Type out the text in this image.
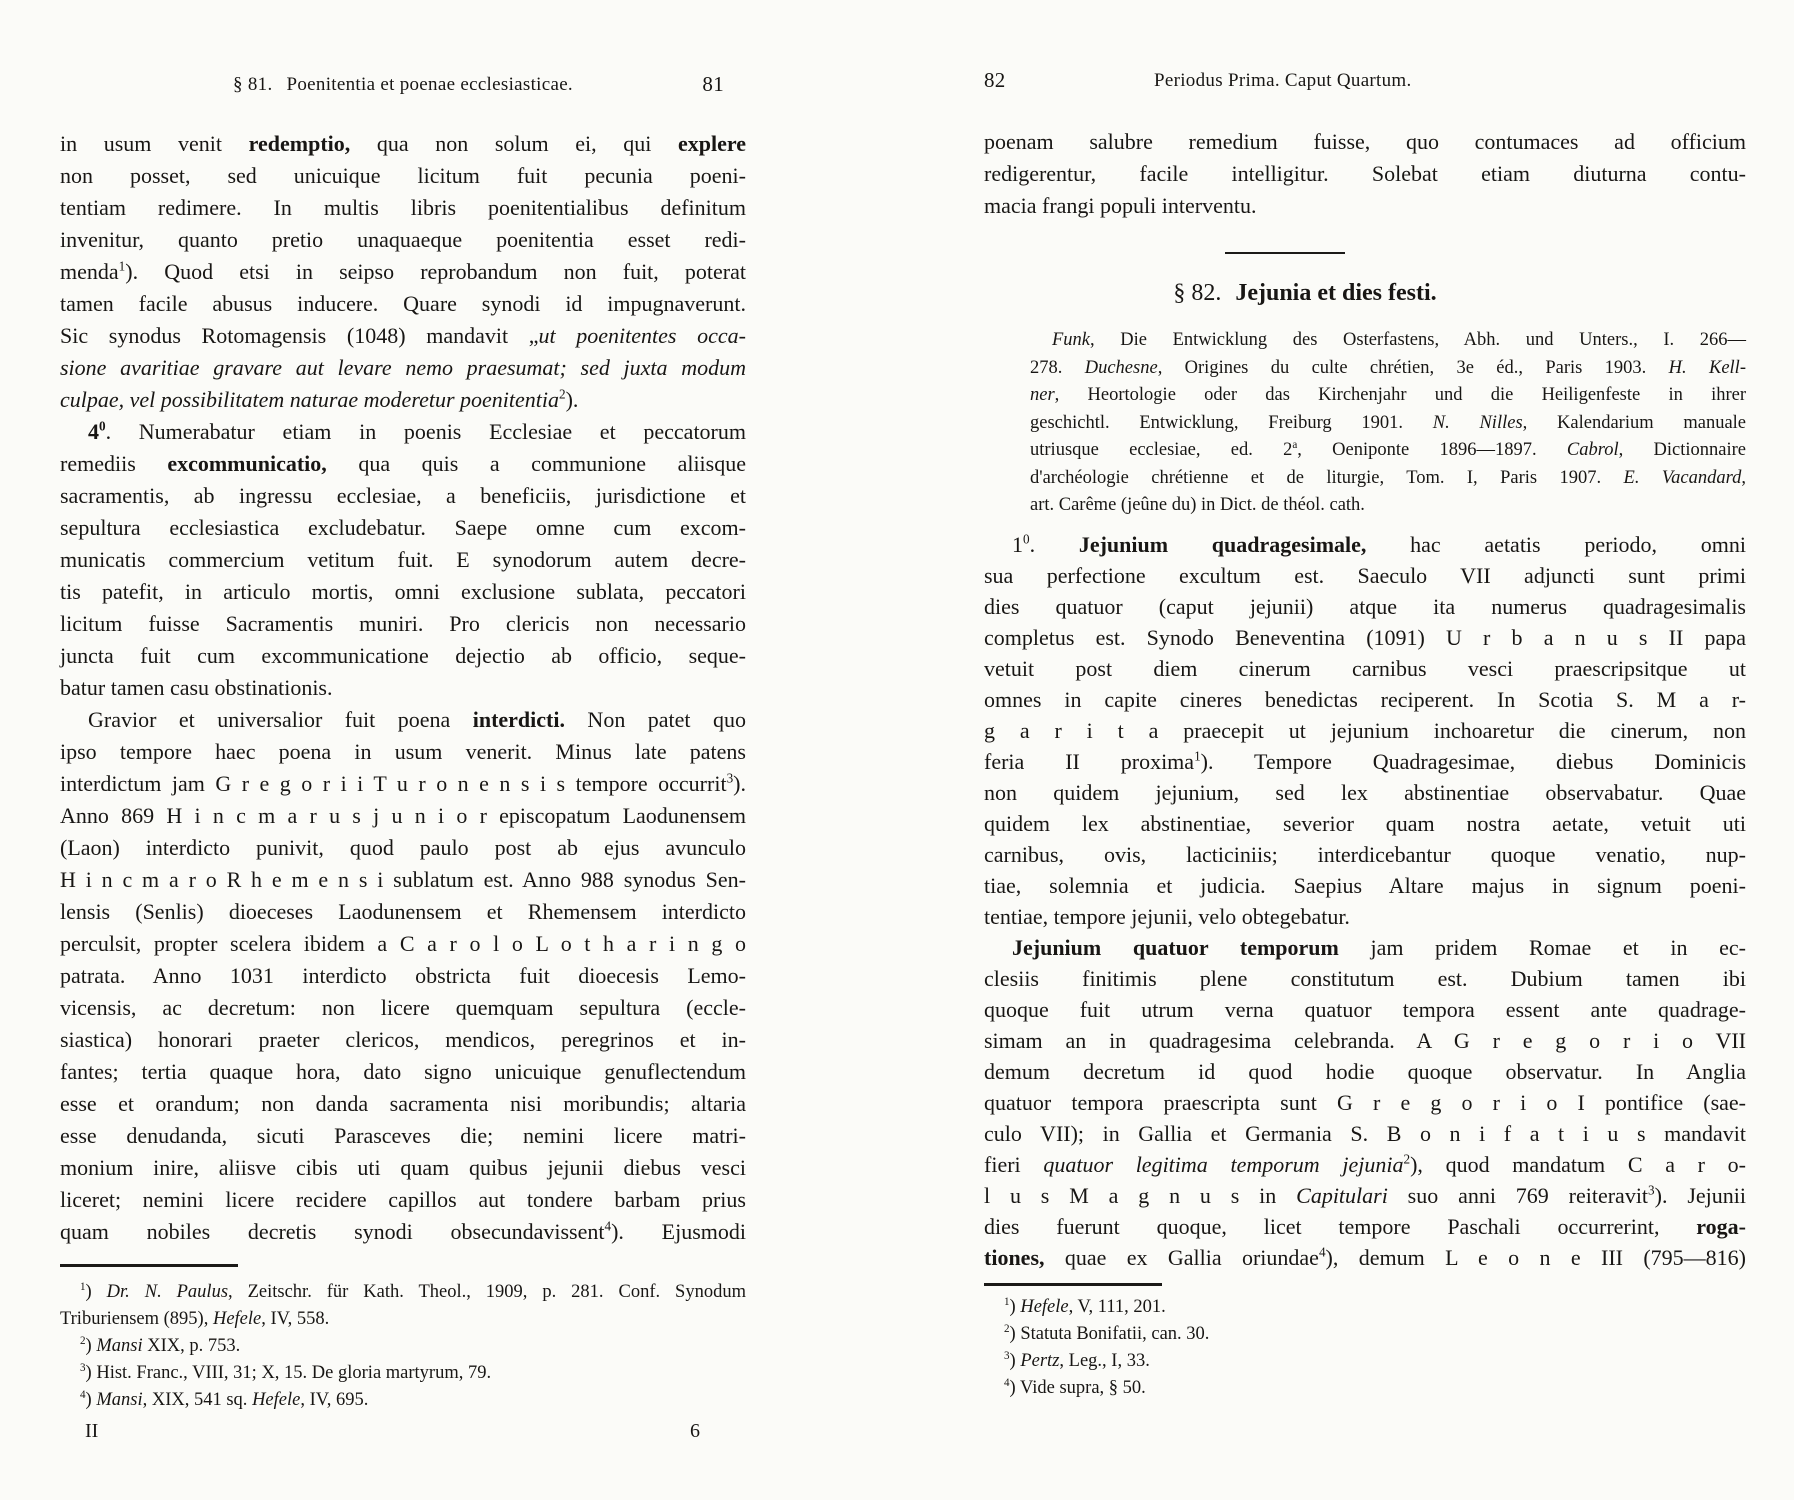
§ 81. Poenitentia et poenae ecclesiasticae.	81
in usum venit redemptio, qua non solum ei, qui explere
non posset, sed unicuique licitum fuit pecunia poeni-
tentiam redimere. In multis libris poenitentialibus definitum
invenitur, quanto pretio unaquaeque poenitentia esset redi-
menda$^1$). Quod etsi in seipso reprobandum non fuit, poterat
tamen facile abusus inducere. Quare synodi id impugnaverunt.
Sic synodus Rotomagensis (1048) mandavit „ut poenitentes occa-
sione avaritiae gravare aut levare nemo praesumat; sed juxta modum
culpae, vel possibilitatem naturae moderetur poenitentia$^2$).
$4^0$. Numerabatur etiam in poenis Ecclesiae et peccatorum
remediis excommunicatio, qua quis a communione aliisque
sacramentis, ab ingressu ecclesiae, a beneficiis, jurisdictione et
sepultura ecclesiastica excludebatur. Saepe omne cum excom-
municatis commercium vetitum fuit. E synodorum autem decre-
tis patefit, in articulo mortis, omni exclusione sublata, peccatori
licitum fuisse Sacramentis muniri. Pro clericis non necessario
juncta fuit cum excommunicatione dejectio ab officio, seque-
batur tamen casu obstinationis.
Gravior et universalior fuit poena interdicti. Non patet quo
ipso tempore haec poena in usum venerit. Minus late patens
interdictum jam G r e g o r i i T u r o n e n s i s tempore occurrit$^3$).
Anno 869 H i n c m a r u s j u n i o r episcopatum Laodunensem
(Laon) interdicto punivit, quod paulo post ab ejus avunculo
H i n c m a r o R h e m e n s i sublatum est. Anno 988 synodus Sen-
lensis (Senlis) dioeceses Laodunensem et Rhemensem interdicto
perculsit, propter scelera ibidem a C a r o l o L o t h a r i n g o
patrata. Anno 1031 interdicto obstricta fuit dioecesis Lemo-
vicensis, ac decretum: non licere quemquam sepultura (eccle-
siastica) honorari praeter clericos, mendicos, peregrinos et in-
fantes; tertia quaque hora, dato signo unicuique genuflectendum
esse et orandum; non danda sacramenta nisi moribundis; altaria
esse denudanda, sicuti Parasceves die; nemini licere matri-
monium inire, aliisve cibis uti quam quibus jejunii diebus vesci
liceret; nemini licere recidere capillos aut tondere barbam prius
quam nobiles decretis synodi obsecundavissent$^4$). Ejusmodi
$^1$) Dr. N. Paulus, Zeitschr. für Kath. Theol., 1909, p. 281. Conf. Synodum
Triburiensem (895), Hefele, IV, 558.
$^2$) Mansi XIX, p. 753.
$^3$) Hist. Franc., VIII, 31; X, 15. De gloria martyrum, 79.
$^4$) Mansi, XIX, 541 sq. Hefele, IV, 695.
II	6
82	Periodus Prima. Caput Quartum.
poenam salubre remedium fuisse, quo contumaces ad officium
redigerentur, facile intelligitur. Solebat etiam diuturna contu-
macia frangi populi interventu.
§ 82. Jejunia et dies festi.
Funk, Die Entwicklung des Osterfastens, Abh. und Unters., I. 266—
278. Duchesne, Origines du culte chrétien, 3e éd., Paris 1903. H. Kell-
ner, Heortologie oder das Kirchenjahr und die Heiligenfeste in ihrer
geschichtl. Entwicklung, Freiburg 1901. N. Nilles, Kalendarium manuale
utriusque ecclesiae, ed. 2$^a$, Oeniponte 1896—1897. Cabrol, Dictionnaire
d'archéologie chrétienne et de liturgie, Tom. I, Paris 1907. E. Vacandard,
art. Carême (jeûne du) in Dict. de théol. cath.
$1^0$. Jejunium quadragesimale, hac aetatis periodo, omni
sua perfectione excultum est. Saeculo VII adjuncti sunt primi
dies quatuor (caput jejunii) atque ita numerus quadragesimalis
completus est. Synodo Beneventina (1091) U r b a n u s II papa
vetuit post diem cinerum carnibus vesci praescripsitque ut
omnes in capite cineres benedictas reciperent. In Scotia S. M a r-
g a r i t a praecepit ut jejunium inchoaretur die cinerum, non
feria II proxima$^1$). Tempore Quadragesimae, diebus Dominicis
non quidem jejunium, sed lex abstinentiae observabatur. Quae
quidem lex abstinentiae, severior quam nostra aetate, vetuit uti
carnibus, ovis, lacticiniis; interdicebantur quoque venatio, nup-
tiae, solemnia et judicia. Saepius Altare majus in signum poeni-
tentiae, tempore jejunii, velo obtegebatur.
Jejunium quatuor temporum jam pridem Romae et in ec-
clesiis finitimis plene constitutum est. Dubium tamen ibi
quoque fuit utrum verna quatuor tempora essent ante quadrage-
simam an in quadragesima celebranda. A G r e g o r i o VII
demum decretum id quod hodie quoque observatur. In Anglia
quatuor tempora praescripta sunt G r e g o r i o I pontifice (sae-
culo VII); in Gallia et Germania S. B o n i f a t i u s mandavit
fieri quatuor legitima temporum jejunia$^2$), quod mandatum C a r o-
l u s M a g n u s in Capitulari suo anni 769 reiteravit$^3$). Jejunii
dies fuerunt quoque, licet tempore Paschali occurrerint, roga-
tiones, quae ex Gallia oriundae$^4$), demum L e o n e III (795—816)
$^1$) Hefele, V, 111, 201.
$^2$) Statuta Bonifatii, can. 30.
$^3$) Pertz, Leg., I, 33.
$^4$) Vide supra, § 50.
